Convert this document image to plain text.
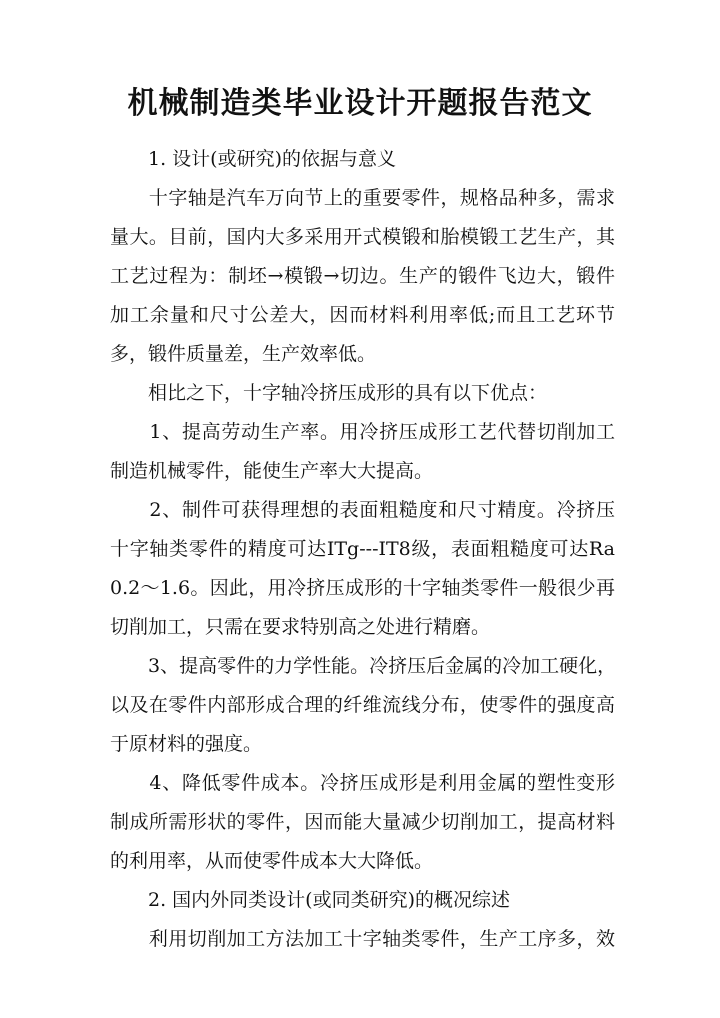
机械制造类毕业设计开题报告范文

　　1. 设计(或研究)的依据与意义

　　十字轴是汽车万向节上的重要零件，规格品种多，需求

量大。目前，国内大多采用开式模锻和胎模锻工艺生产，其

工艺过程为：制坯→模锻→切边。生产的锻件飞边大，锻件

加工余量和尺寸公差大，因而材料利用率低;而且工艺环节

多，锻件质量差，生产效率低。

　　相比之下，十字轴冷挤压成形的具有以下优点：

　　1、提高劳动生产率。用冷挤压成形工艺代替切削加工

制造机械零件，能使生产率大大提高。

　　2、制件可获得理想的表面粗糙度和尺寸精度。冷挤压

十字轴类零件的精度可达ITg---IT8级，表面粗糙度可达Ra

0.2～1.6。因此，用冷挤压成形的十字轴类零件一般很少再

切削加工，只需在要求特别高之处进行精磨。

　　3、提高零件的力学性能。冷挤压后金属的冷加工硬化，

以及在零件内部形成合理的纤维流线分布，使零件的强度高

于原材料的强度。

　　4、降低零件成本。冷挤压成形是利用金属的塑性变形

制成所需形状的零件，因而能大量减少切削加工，提高材料

的利用率，从而使零件成本大大降低。

　　2. 国内外同类设计(或同类研究)的概况综述

　　利用切削加工方法加工十字轴类零件，生产工序多，效
